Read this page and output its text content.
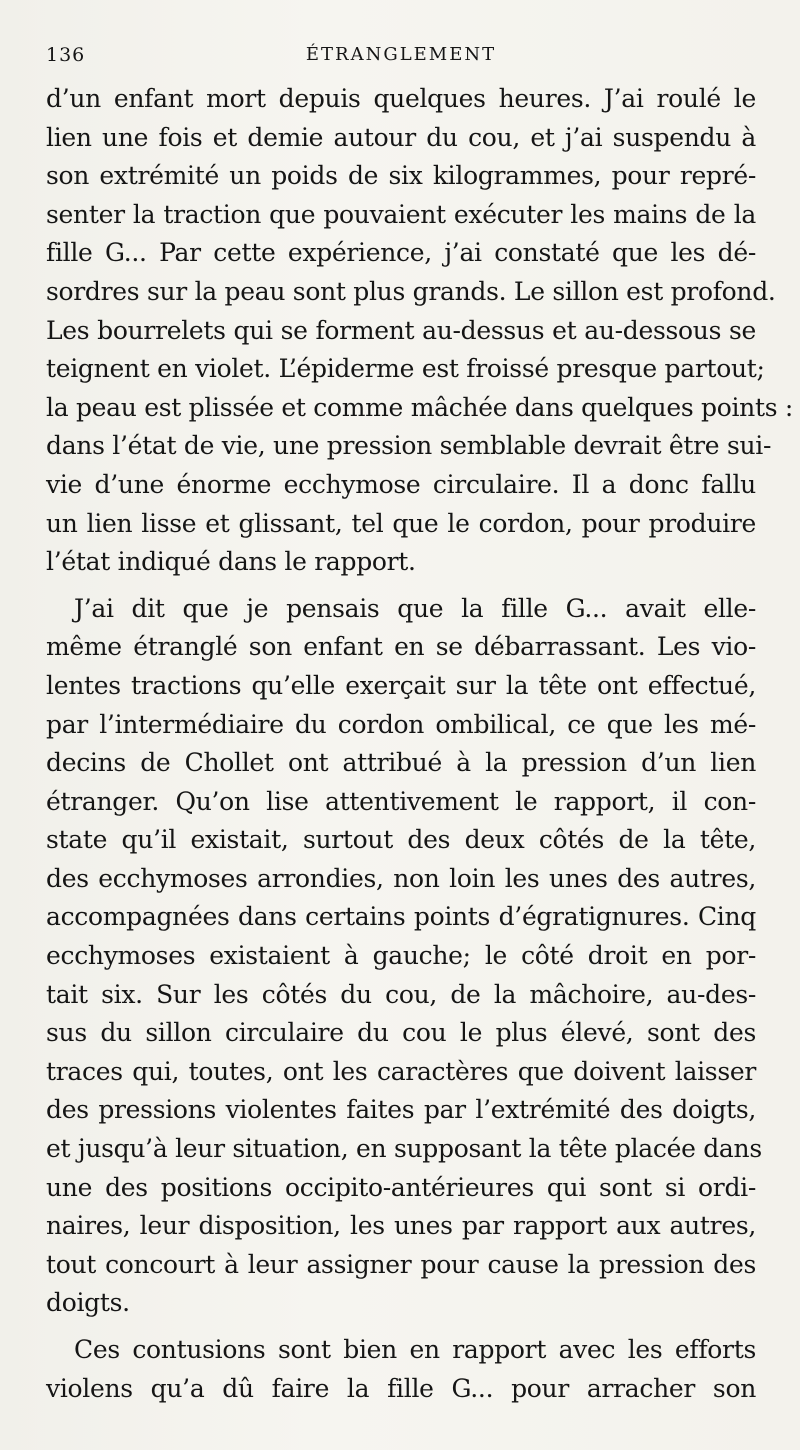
136	ÉTRANGLEMENT
d’un enfant mort depuis quelques heures. J’ai roulé le
lien une fois et demie autour du cou, et j’ai suspendu à
son extrémité un poids de six kilogrammes, pour repré-
senter la traction que pouvaient exécuter les mains de la
fille G... Par cette expérience, j’ai constaté que les dé-
sordres sur la peau sont plus grands. Le sillon est profond.
Les bourrelets qui se forment au-dessus et au-dessous se
teignent en violet. L’épiderme est froissé presque partout;
la peau est plissée et comme mâchée dans quelques points :
dans l’état de vie, une pression semblable devrait être sui-
vie d’une énorme ecchymose circulaire. Il a donc fallu
un lien lisse et glissant, tel que le cordon, pour produire
l’état indiqué dans le rapport.
J’ai dit que je pensais que la fille G... avait elle-
même étranglé son enfant en se débarrassant. Les vio-
lentes tractions qu’elle exerçait sur la tête ont effectué,
par l’intermédiaire du cordon ombilical, ce que les mé-
decins de Chollet ont attribué à la pression d’un lien
étranger. Qu’on lise attentivement le rapport, il con-
state qu’il existait, surtout des deux côtés de la tête,
des ecchymoses arrondies, non loin les unes des autres,
accompagnées dans certains points d’égratignures. Cinq
ecchymoses existaient à gauche; le côté droit en por-
tait six. Sur les côtés du cou, de la mâchoire, au-des-
sus du sillon circulaire du cou le plus élevé, sont des
traces qui, toutes, ont les caractères que doivent laisser
des pressions violentes faites par l’extrémité des doigts,
et jusqu’à leur situation, en supposant la tête placée dans
une des positions occipito-antérieures qui sont si ordi-
naires, leur disposition, les unes par rapport aux autres,
tout concourt à leur assigner pour cause la pression des
doigts.
Ces contusions sont bien en rapport avec les efforts
violens qu’a dû faire la fille G... pour arracher son
